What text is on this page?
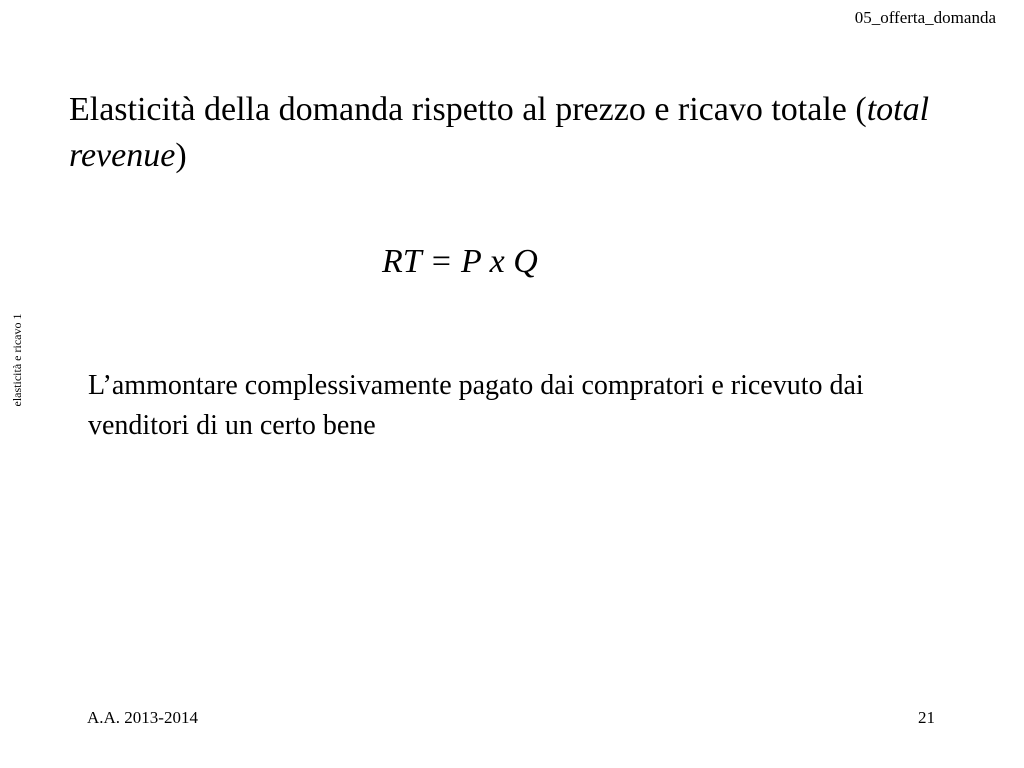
05_offerta_domanda
Elasticità della domanda rispetto al prezzo e ricavo totale (total revenue)
RT = P x Q

L’ammontare complessivamente pagato dai compratori e ricevuto dai venditori di un certo bene

elasticità e ricavo 1
A.A. 2013-2014	21
